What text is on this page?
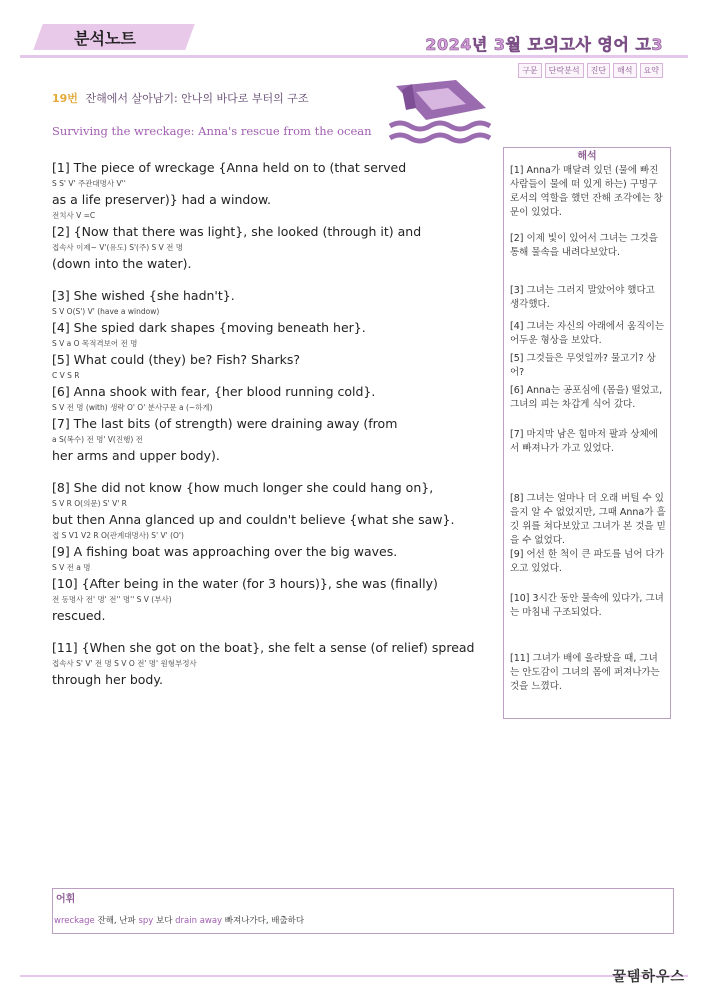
분석노트	2024년 3월 모의고사 영어 고3
구문	단락분석	진단	해석	요약
19번 잔해에서 살아남기: 안나의 바다로 부터의 구조
Surviving the wreckage: Anna's rescue from the ocean
[1] The piece of wreckage {Anna held on to (that served
S S' V' 주관대명사 V''
as a life preserver)} had a window.
전치사 V =C
[2] {Now that there was light}, she looked (through it) and
접속사 이제~ V'(유도) S'(주) S V 전 명
(down into the water).
[3] She wished {she hadn't}.
S V O(S') V' (have a window)
[4] She spied dark shapes {moving beneath her}.
S V a O 목적격보어 전 명
[5] What could (they) be? Fish? Sharks?
C V S R
[6] Anna shook with fear, {her blood running cold}.
S V 전 명 (with) 생략 O' O' 분사구문 a (~하게)
[7] The last bits (of strength) were draining away (from
a S(복수) 전 명' V(진행) 전
her arms and upper body).
[8] She did not know {how much longer she could hang on},
S V R O(의문) S' V' R
but then Anna glanced up and couldn't believe {what she saw}.
접 S V1 V2 R O(관계대명사) S' V' (O')
[9] A fishing boat was approaching over the big waves.
S V 전 a 명
[10] {After being in the water (for 3 hours)}, she was (finally)
전 동명사 전' 명' 전'' 명'' S V (부사)
rescued.
[11] {When she got on the boat}, she felt a sense (of relief) spread
접속사 S' V' 전 명 S V O 전' 명' 원형부정사
through her body.
[1] Anna가 매달려 있던 (물에 빠진 사람들이 물에 떠 있게 하는) 구명구로서의 역할을 했던 잔해 조각에는 창문이 있었다.
[2] 이제 빛이 있어서 그녀는 그것을 통해 물속을 내려다보았다.
[3] 그녀는 그러지 말았어야 했다고 생각했다.
[4] 그녀는 자신의 아래에서 움직이는 어두운 형상을 보았다.
[5] 그것들은 무엇일까? 물고기? 상어?
[6] Anna는 공포심에 (몸을) 떨었고, 그녀의 피는 차갑게 식어 갔다.
[7] 마지막 남은 힘마저 팔과 상체에서 빠져나가 가고 있었다.
[8] 그녀는 얼마나 더 오래 버틸 수 있을지 알 수 없었지만, 그때 Anna가 흘깃 위를 쳐다보았고 그녀가 본 것을 믿을 수 없었다.
[9] 어선 한 척이 큰 파도를 넘어 다가오고 있었다.
[10] 3시간 동안 물속에 있다가, 그녀는 마침내 구조되었다.
[11] 그녀가 배에 올라탔을 때, 그녀는 안도감이 그녀의 몸에 퍼져나가는 것을 느꼈다.
해석
어휘
wreckage 잔해, 난파 spy 보다 drain away 빠져나가다, 배출하다
꿀템하우스
